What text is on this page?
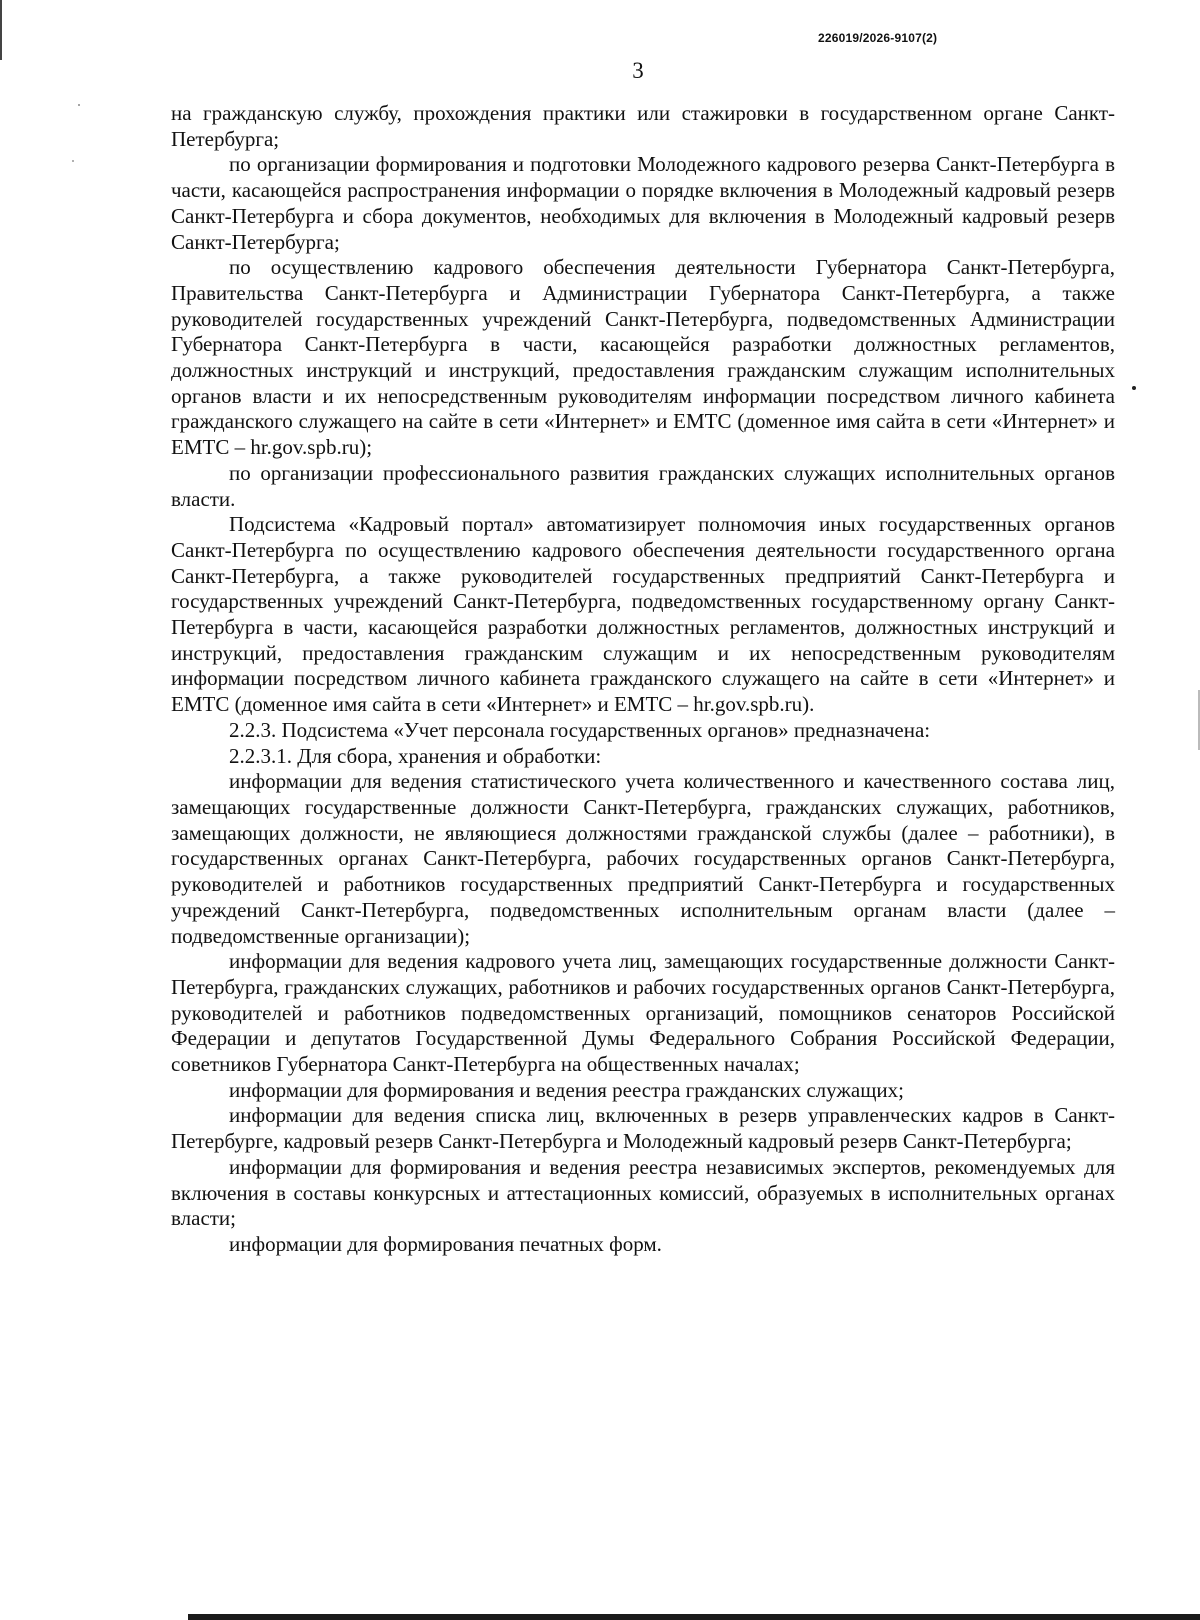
226019/2026-9107(2)
3

на гражданскую службу, прохождения практики или стажировки в государственном органе Санкт-Петербурга;

по организации формирования и подготовки Молодежного кадрового резерва Санкт-Петербурга в части, касающейся распространения информации о порядке включения в Молодежный кадровый резерв Санкт-Петербурга и сбора документов, необходимых для включения в Молодежный кадровый резерв Санкт-Петербурга;

по осуществлению кадрового обеспечения деятельности Губернатора Санкт-Петербурга, Правительства Санкт-Петербурга и Администрации Губернатора Санкт-Петербурга, а также руководителей государственных учреждений Санкт-Петербурга, подведомственных Администрации Губернатора Санкт-Петербурга в части, касающейся разработки должностных регламентов, должностных инструкций и инструкций, предоставления гражданским служащим исполнительных органов власти и их непосредственным руководителям информации посредством личного кабинета гражданского служащего на сайте в сети «Интернет» и ЕМТС (доменное имя сайта в сети «Интернет» и ЕМТС – hr.gov.spb.ru);

по организации профессионального развития гражданских служащих исполнительных органов власти.

Подсистема «Кадровый портал» автоматизирует полномочия иных государственных органов Санкт-Петербурга по осуществлению кадрового обеспечения деятельности государственного органа Санкт-Петербурга, а также руководителей государственных предприятий Санкт-Петербурга и государственных учреждений Санкт-Петербурга, подведомственных государственному органу Санкт-Петербурга в части, касающейся разработки должностных регламентов, должностных инструкций и инструкций, предоставления гражданским служащим и их непосредственным руководителям информации посредством личного кабинета гражданского служащего на сайте в сети «Интернет» и ЕМТС (доменное имя сайта в сети «Интернет» и ЕМТС – hr.gov.spb.ru).

2.2.3. Подсистема «Учет персонала государственных органов» предназначена:

2.2.3.1. Для сбора, хранения и обработки:

информации для ведения статистического учета количественного и качественного состава лиц, замещающих государственные должности Санкт-Петербурга, гражданских служащих, работников, замещающих должности, не являющиеся должностями гражданской службы (далее – работники), в государственных органах Санкт-Петербурга, рабочих государственных органов Санкт-Петербурга, руководителей и работников государственных предприятий Санкт-Петербурга и государственных учреждений Санкт-Петербурга, подведомственных исполнительным органам власти (далее – подведомственные организации);

информации для ведения кадрового учета лиц, замещающих государственные должности Санкт-Петербурга, гражданских служащих, работников и рабочих государственных органов Санкт-Петербурга, руководителей и работников подведомственных организаций, помощников сенаторов Российской Федерации и депутатов Государственной Думы Федерального Собрания Российской Федерации, советников Губернатора Санкт-Петербурга на общественных началах;

информации для формирования и ведения реестра гражданских служащих;

информации для ведения списка лиц, включенных в резерв управленческих кадров в Санкт-Петербурге, кадровый резерв Санкт-Петербурга и Молодежный кадровый резерв Санкт-Петербурга;

информации для формирования и ведения реестра независимых экспертов, рекомендуемых для включения в составы конкурсных и аттестационных комиссий, образуемых в исполнительных органах власти;

информации для формирования печатных форм.
